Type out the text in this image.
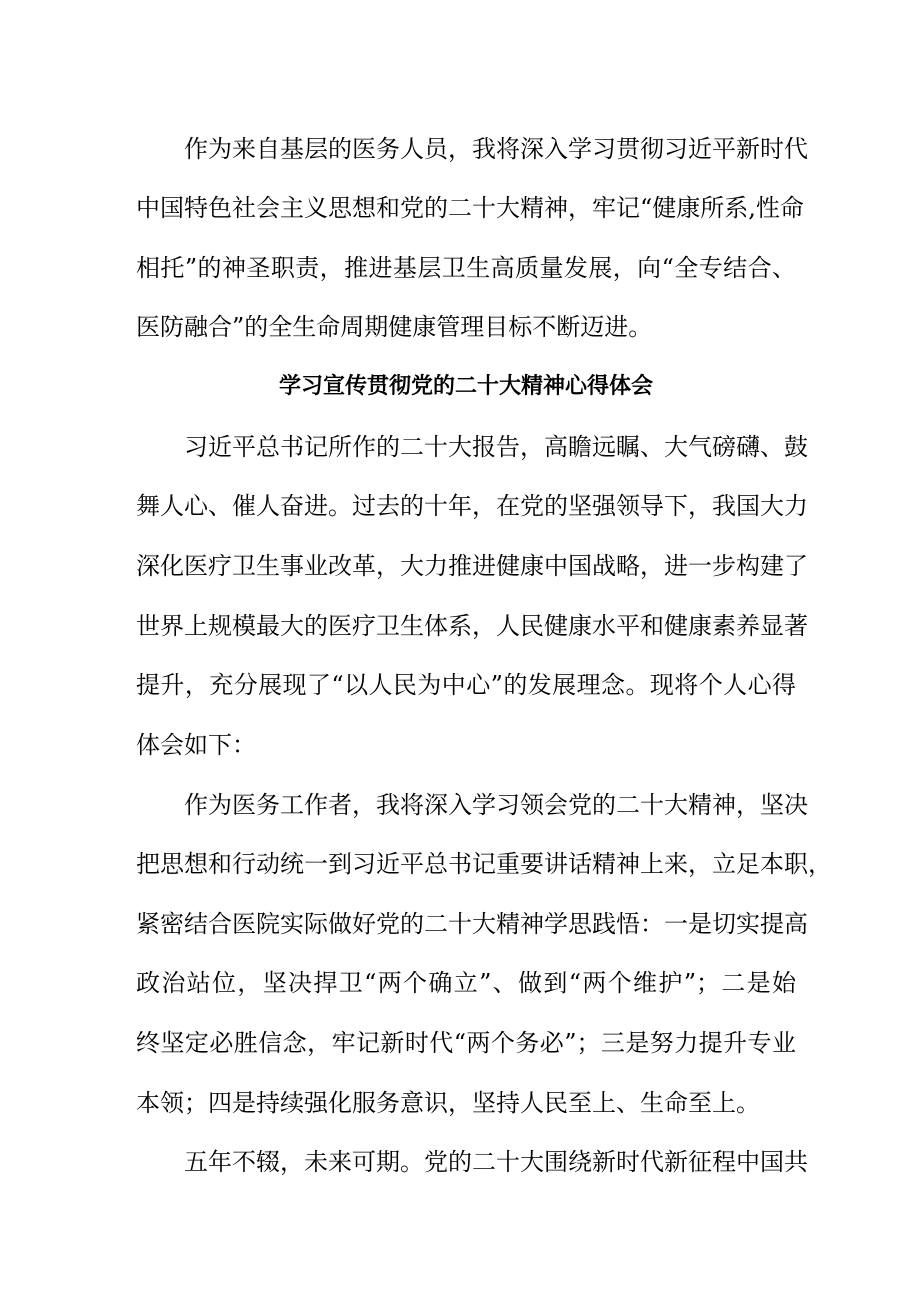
作为来自基层的医务人员，我将深入学习贯彻习近平新时代
中国特色社会主义思想和党的二十大精神，牢记“健康所系,性命
相托”的神圣职责，推进基层卫生高质量发展，向“全专结合、
医防融合”的全生命周期健康管理目标不断迈进。
学习宣传贯彻党的二十大精神心得体会
习近平总书记所作的二十大报告，高瞻远瞩、大气磅礴、鼓
舞人心、催人奋进。过去的十年，在党的坚强领导下，我国大力
深化医疗卫生事业改革，大力推进健康中国战略，进一步构建了
世界上规模最大的医疗卫生体系，人民健康水平和健康素养显著
提升，充分展现了“以人民为中心”的发展理念。现将个人心得
体会如下：
作为医务工作者，我将深入学习领会党的二十大精神，坚决
把思想和行动统一到习近平总书记重要讲话精神上来，立足本职，
紧密结合医院实际做好党的二十大精神学思践悟：一是切实提高
政治站位，坚决捍卫“两个确立”、做到“两个维护”；二是始
终坚定必胜信念，牢记新时代“两个务必”；三是努力提升专业
本领；四是持续强化服务意识，坚持人民至上、生命至上。
五年不辍，未来可期。党的二十大围绕新时代新征程中国共
